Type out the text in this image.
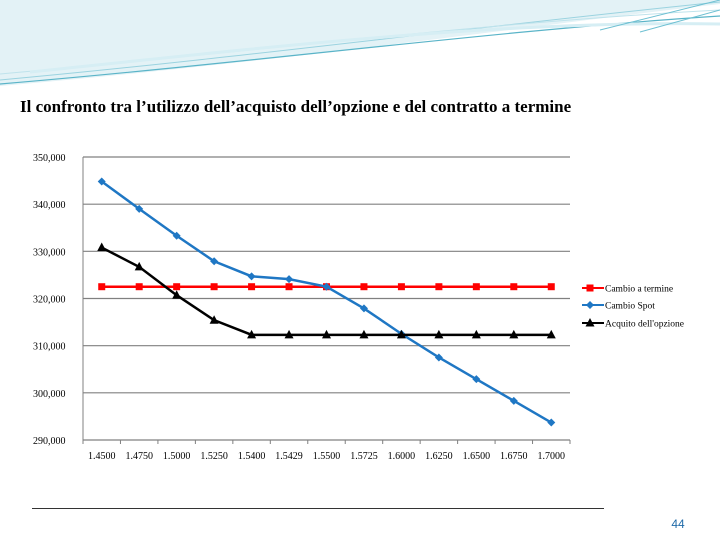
Il confronto tra l’utilizzo dell’acquisto dell’opzione e del contratto a termine
350,000
340,000
330,000
320,000
310,000
300,000
290,000
1.4500 1.4750 1.5000 1.5250 1.5400 1.5429 1.5500 1.5725 1.6000 1.6250 1.6500 1.6750 1.7000
Cambio a termine
Cambio Spot
Acquito dell'opzione
44
